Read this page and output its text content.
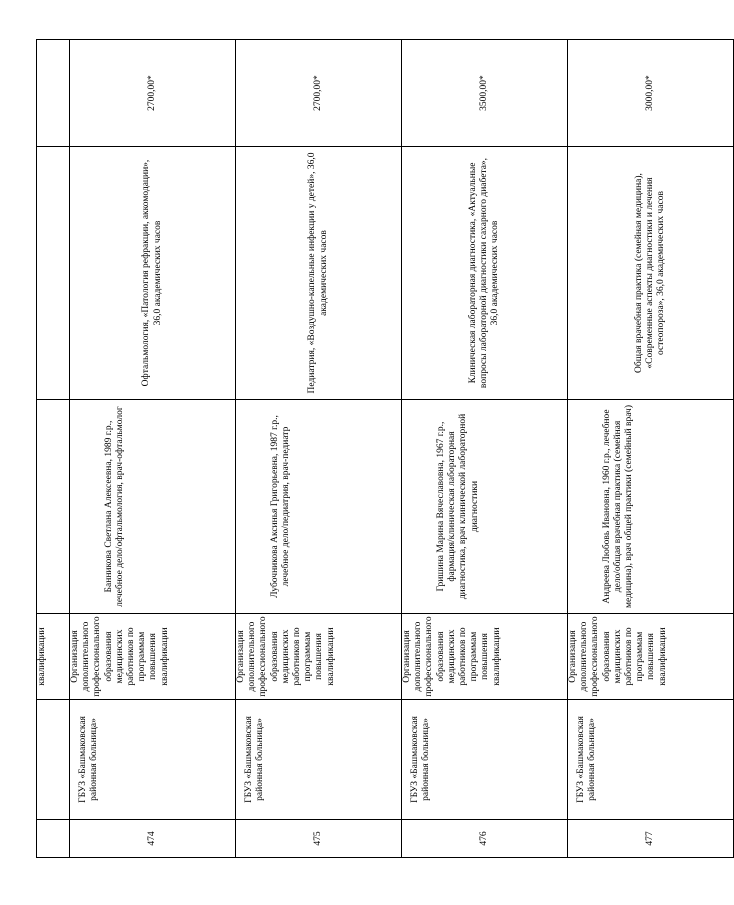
		квалификации			
474	ГБУЗ «Башмаковская районная больница»	Организация дополнительного профессионального образования медицинских работников по программам повышения квалификации	Банникова Светлана Алексеевна, 1989 г.р., лечебное дело/офтальмология, врач-офтальмолог	Офтальмология, «Патология рефракции, аккомодации», 36,0 академических часов	2700,00*
475	ГБУЗ «Башмаковская районная больница»	Организация дополнительного профессионального образования медицинских работников по программам повышения квалификации	Лубочникова Аксинья Григорьевна, 1987 г.р., лечебное дело/педиатрия, врач-педиатр	Педиатрия, «Воздушно-капельные инфекции у детей», 36,0 академических часов	2700,00*
476	ГБУЗ «Башмаковская районная больница»	Организация дополнительного профессионального образования медицинских работников по программам повышения квалификации	Гришина Марина Вячеславовна, 1967 г.р., фармация/клиническая лабораторная диагностика, врач клинической лабораторной диагностики	Клиническая лабораторная диагностика, «Актуальные вопросы лабораторной диагностики сахарного диабета», 36,0 академических часов	3500,00*
477	ГБУЗ «Башмаковская районная больница»	Организация дополнительного профессионального образования медицинских работников по программам повышения квалификации	Андреева Любовь Ивановна, 1960 г.р., лечебное дело/общая врачебная практика (семейная медицина), врач общей практики (семейный врач)	Общая врачебная практика (семейная медицина), «Современные аспекты диагностики и лечения остеопороза», 36,0 академических часов	3000,00*
